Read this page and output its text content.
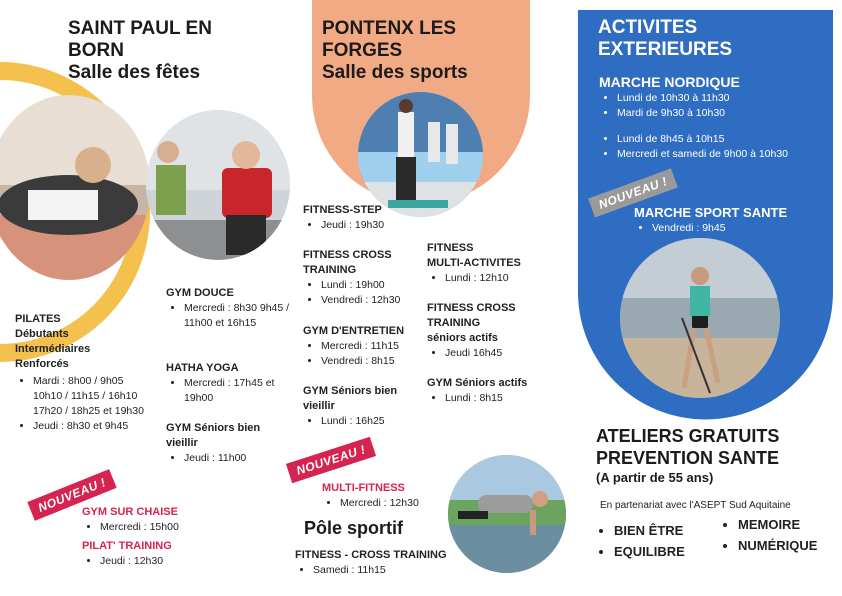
SAINT PAUL EN
BORN
Salle des fêtes
PILATES
Débutants
Intermédiaires
Renforcés
• Mardi : 8h00 / 9h05 10h10 / 11h15 / 16h10 17h20 / 18h25 et 19h30
• Jeudi : 8h30 et 9h45
GYM DOUCE
• Mercredi : 8h30 9h45 / 11h00 et 16h15
HATHA YOGA
• Mercredi : 17h45 et 19h00
GYM Séniors bien
vieillir
• Jeudi : 11h00
NOUVEAU !
GYM SUR CHAISE
• Mercredi : 15h00
PILAT' TRAINING
• Jeudi : 12h30
PONTENX LES
FORGES
Salle des sports
FITNESS-STEP
• Jeudi : 19h30
FITNESS CROSS
TRAINING
• Lundi : 19h00
• Vendredi : 12h30
GYM D'ENTRETIEN
• Mercredi : 11h15
• Vendredi : 8h15
GYM Séniors bien
vieillir
• Lundi : 16h25
FITNESS
MULTI-ACTIVITES
• Lundi : 12h10
FITNESS CROSS
TRAINING
séniors actifs
• Jeudi 16h45
GYM Séniors actifs
• Lundi : 8h15
NOUVEAU !
MULTI-FITNESS
• Mercredi : 12h30
Pôle sportif
FITNESS - CROSS TRAINING
• Samedi : 11h15
ACTIVITES
EXTERIEURES
MARCHE NORDIQUE
• Lundi de 10h30 à 11h30
• Mardi de 9h30 à 10h30
• Lundi de 8h45 à 10h15
• Mercredi et samedi de 9h00 à 10h30
NOUVEAU !
MARCHE SPORT SANTE
• Vendredi : 9h45
ATELIERS GRATUITS
PREVENTION SANTE
(A partir de 55 ans)
En partenariat avec l'ASEPT Sud Aquitaine
• BIEN ÊTRE
• EQUILIBRE
• MEMOIRE
• NUMÉRIQUE
